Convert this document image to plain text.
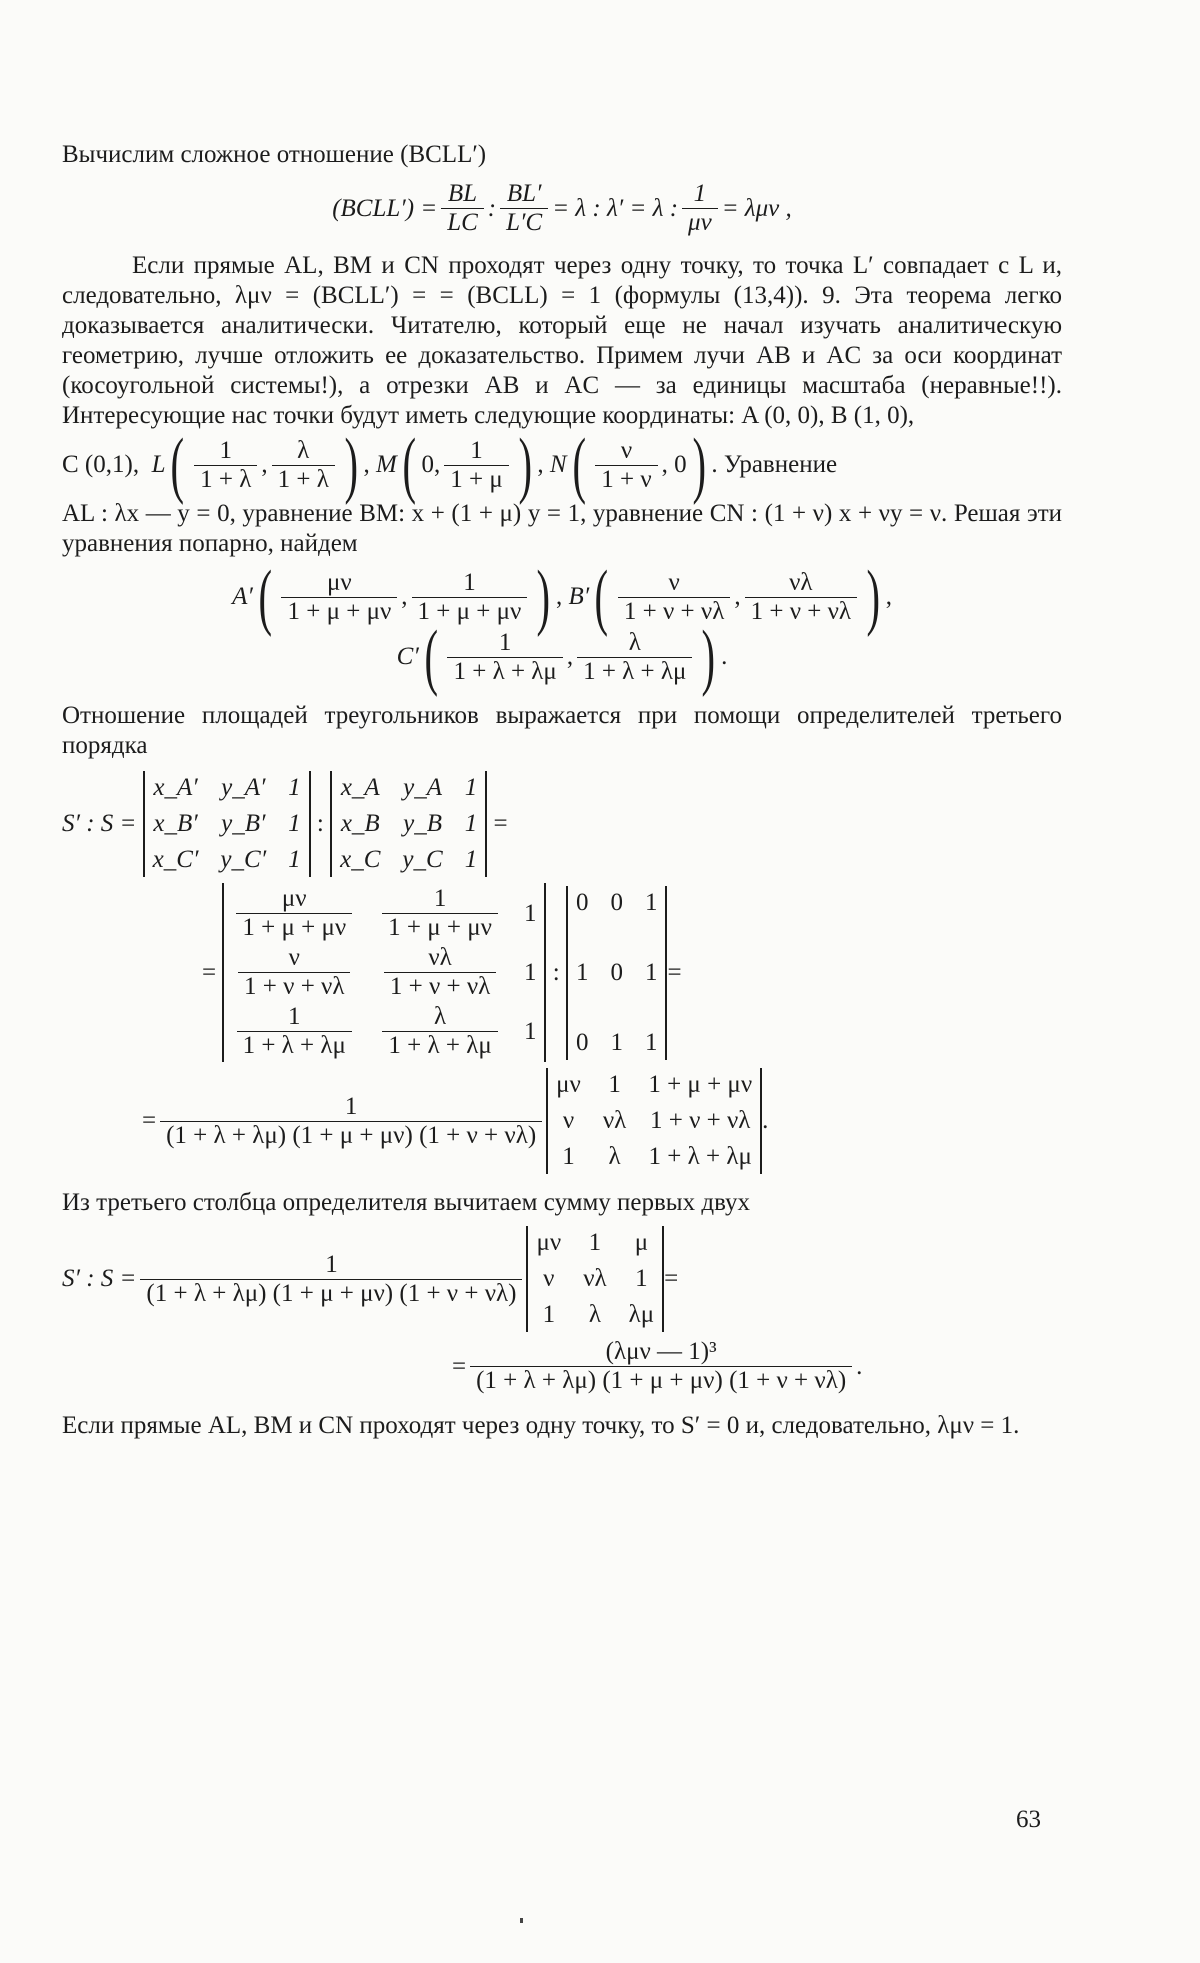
Вычислим сложное отношение (BCLL′)

(BCLL′) = $\frac{BL}{LC}$ : $\frac{BL'}{L'C} = \lambda$ : λ′ = λ : $\frac{1}{\mu\nu} = \lambda\mu\nu$ ,

Если прямые AL, BM и CN проходят через одну точку, то точка L′ совпадает с L и, следовательно, λμν = (BCLL′) = = (BCLL) = 1 (формулы (13,4)). 9. Эта теорема легко доказывается аналитически. Читателю, который еще не начал изучать аналитическую геометрию, лучше отложить ее доказательство. Примем лучи AB и AC за оси координат (косоугольной системы!), а отрезки AB и AC — за единицы масштаба (неравные!!). Интересующие нас точки будут иметь следующие координаты: A (0, 0), B (1, 0),

C (0,1),
L ( $\frac{1}{1 + \lambda}$ , $\frac{\lambda}{1 + \lambda}$ ) , M ( 0, $\frac{1}{1 + \mu}$ ) , N ( $\frac{\nu}{1 + \nu}$ , 0 ) . Уравнение

AL : λx — y = 0, уравнение BM: x + (1 + μ) y = 1, уравнение CN : (1 + ν) x + νy = ν. Решая эти уравнения попарно, найдем

A′ ( $\frac{\mu\nu}{1 + \mu + \mu\nu}$ , $\frac{1}{1 + \mu + \mu\nu}$ ) , B′ ( $\frac{\nu}{1 + \nu + \nu\lambda}$ , $\frac{\nu\lambda}{1 + \nu + \nu\lambda}$ ) ,
C′ ( $\frac{1}{1 + \lambda + \lambda\mu}$ , $\frac{\lambda}{1 + \lambda + \lambda\mu}$ ) .

Отношение площадей треугольников выражается при помощи определителей третьего порядка

S′ : S =

x_A′ y_A′ 1
x_B′ y_B′ 1
x_C′ y_C′ 1

:

x_A y_A 1
x_B y_B 1
x_C y_C 1

=
=

$\frac{\mu\nu}{1 + \mu + \mu\nu} \frac{1}{1 + \mu + \mu\nu} 1$
$\frac{\nu}{1 + \nu + \nu\lambda} \frac{\nu\lambda}{1 + \nu + \nu\lambda} 1$
$\frac{1}{1 + \lambda + \lambda\mu} \frac{\lambda}{1 + \lambda + \lambda\mu} 1$

:

0 0 1
1 0 1
0 1 1
=
= $\frac{1}{(1 + \lambda + \lambda\mu) (1 + \mu + \mu\nu) (1 + \nu + \nu\lambda)}$
μν 1 1 + μ + μν
ν νλ 1 + ν + νλ
1 λ 1 + λ + λμ
.

Из третьего столбца определителя вычитаем сумму первых двух

S′ : $S = \frac{1}{(1 + \lambda + \lambda\mu) (1 + \mu + \mu\nu) (1 + \nu + \nu\lambda)}$
μν 1 μ
ν νλ 1
1 λ λμ
=
= $\frac{\text{(λμν — 1)³}}{(1 + \lambda + \lambda\mu) (1 + \mu + \mu\nu) (1 + \nu + \nu\lambda)}$ .

Если прямые AL, BM и CN проходят через одну точку, то S′ = 0 и, следовательно, λμν = 1.

63
